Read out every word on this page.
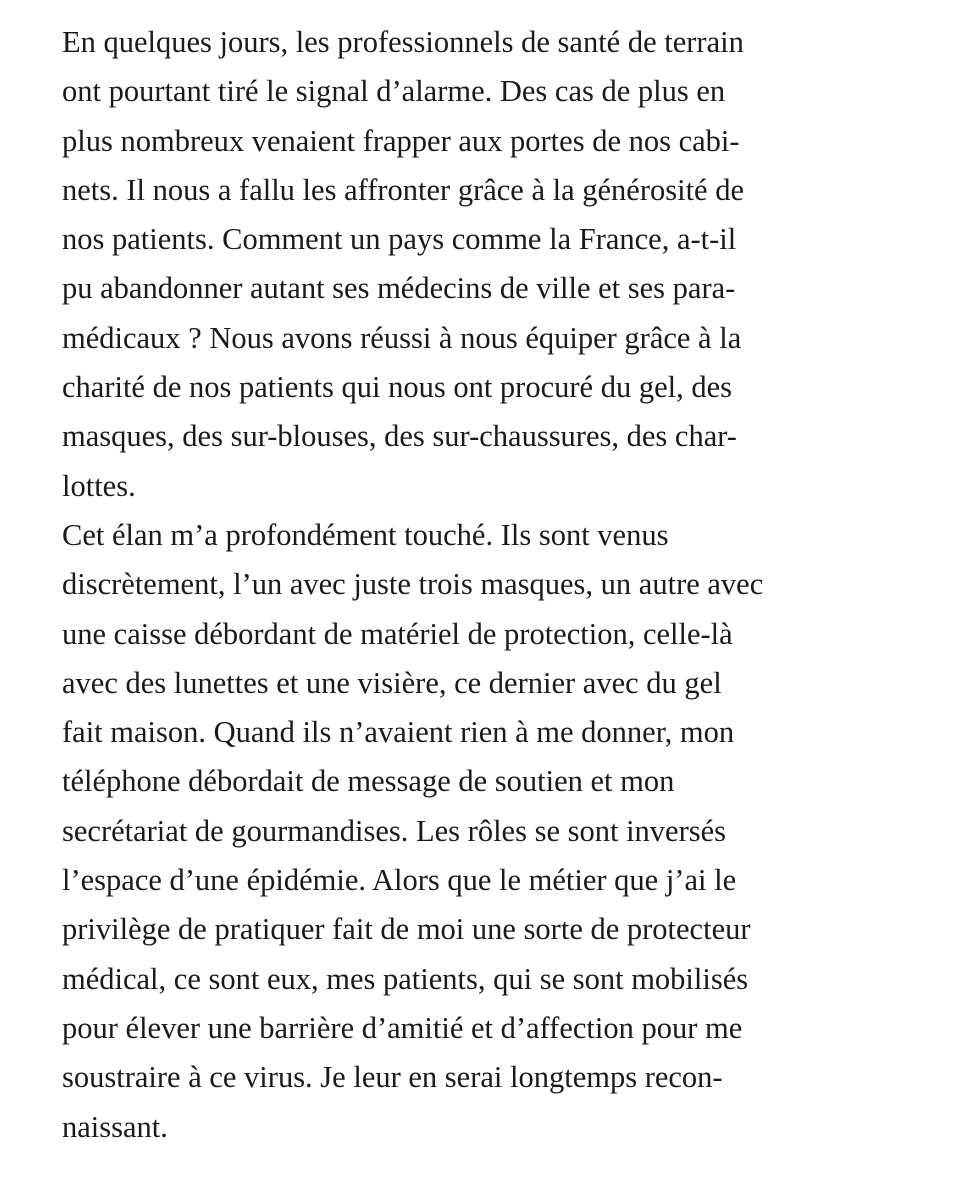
En quelques jours, les professionnels de santé de terrain
ont pourtant tiré le signal d’alarme. Des cas de plus en
plus nombreux venaient frapper aux portes de nos cabi-
nets. Il nous a fallu les affronter grâce à la générosité de
nos patients. Comment un pays comme la France, a-t-il
pu abandonner autant ses médecins de ville et ses para-
médicaux ? Nous avons réussi à nous équiper grâce à la
charité de nos patients qui nous ont procuré du gel, des
masques, des sur-blouses, des sur-chaussures, des char-
lottes.

Cet élan m’a profondément touché. Ils sont venus
discrètement, l’un avec juste trois masques, un autre avec
une caisse débordant de matériel de protection, celle-là
avec des lunettes et une visière, ce dernier avec du gel
fait maison. Quand ils n’avaient rien à me donner, mon
téléphone débordait de message de soutien et mon
secrétariat de gourmandises. Les rôles se sont inversés
l’espace d’une épidémie. Alors que le métier que j’ai le
privilège de pratiquer fait de moi une sorte de protecteur
médical, ce sont eux, mes patients, qui se sont mobilisés
pour élever une barrière d’amitié et d’affection pour me
soustraire à ce virus. Je leur en serai longtemps recon-
naissant.
